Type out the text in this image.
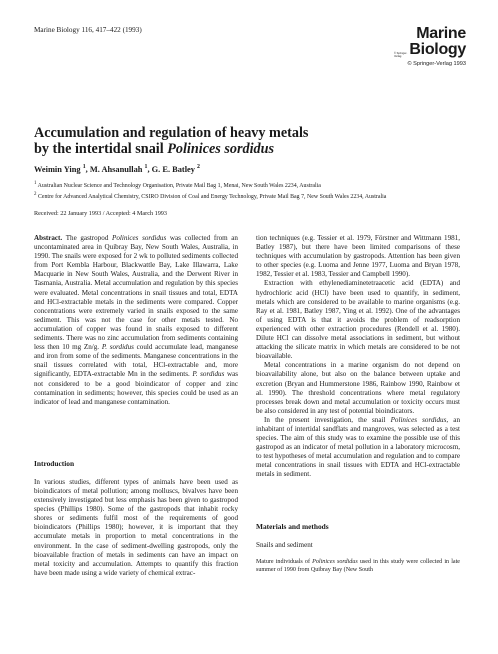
Marine Biology 116, 417–422 (1993)	Marine
© Springer-Verlag Biology
© Springer-Verlag 1993
Accumulation and regulation of heavy metals
by the intertidal snail Polinices sordidus
Weimin Ying $^1$, M. Ahsanullah $^1$, G. E. Batley $^2$
$^1$ Australian Nuclear Science and Technology Organisation, Private Mail Bag 1, Menai, New South Wales 2234, Australia
$^2$ Centre for Advanced Analytical Chemistry, CSIRO Division of Coal and Energy Technology, Private Mail Bag 7, New South Wales 2234, Australia
Received: 22 January 1993 / Accepted: 4 March 1993

Abstract. The gastropod Polinices sordidus was collected from an uncontaminated area in Quibray Bay, New South Wales, Australia, in 1990. The snails were exposed for 2 wk to polluted sediments collected from Port Kembla Harbour, Blackwattle Bay, Lake Illawarra, Lake Macquarie in New South Wales, Australia, and the Derwent River in Tasmania, Australia. Metal accumulation and regulation by this species were evaluated. Metal concentrations in snail tissues and total, EDTA and HCl-extractable metals in the sediments were compared. Copper concentrations were extremely varied in snails exposed to the same sediment. This was not the case for other metals tested. No accumulation of copper was found in snails exposed to different sediments. There was no zinc accumulation from sediments containing less then 10 mg Zn/g. P. sordidus could accumulate lead, manganese and iron from some of the sediments. Manganese concentrations in the snail tissues correlated with total, HCl-extractable and, more significantly, EDTA-extractable Mn in the sediments. P. sordidus was not considered to be a good bioindicator of copper and zinc contamination in sediments; however, this species could be used as an indicator of lead and manganese contamination.

Introduction

In various studies, different types of animals have been used as bioindicators of metal pollution; among molluscs, bivalves have been extensively investigated but less emphasis has been given to gastropod species (Phillips 1980). Some of the gastropods that inhabit rocky shores or sediments fulfil most of the requirements of good bioindicators (Phillips 1980); however, it is important that they accumulate metals in proportion to metal concentrations in the environment. In the case of sediment-dwelling gastropods, only the bioavailable fraction of metals in sediments can have an impact on metal toxicity and accumulation. Attempts to quantify this fraction have been made using a wide variety of chemical extrac-

tion techniques (e.g. Tessier et al. 1979, Förstner and Wittmann 1981, Batley 1987), but there have been limited comparisons of these techniques with accumulation by gastropods. Attention has been given to other species (e.g. Luoma and Jenne 1977, Luoma and Bryan 1978, 1982, Tessier et al. 1983, Tessier and Campbell 1990).

Extraction with ethylenediaminetetraacetic acid (EDTA) and hydrochloric acid (HCl) have been used to quantify, in sediment, metals which are considered to be available to marine organisms (e.g. Ray et al. 1981, Batley 1987, Ying et al. 1992). One of the advantages of using EDTA is that it avoids the problem of readsorption experienced with other extraction procedures (Rendell et al. 1980). Dilute HCl can dissolve metal associations in sediment, but without attacking the silicate matrix in which metals are considered to be not bioavailable.

Metal concentrations in a marine organism do not depend on bioavailability alone, but also on the balance between uptake and excretion (Bryan and Hummerstone 1986, Rainbow 1990, Rainbow et al. 1990). The threshold concentrations where metal regulatory processes break down and metal accumulation or toxicity occurs must be also considered in any test of potential bioindicators.

In the present investigation, the snail Polinices sordidus, an inhabitant of intertidal sandflats and mangroves, was selected as a test species. The aim of this study was to examine the possible use of this gastropod as an indicator of metal pollution in a laboratory microcosm, to test hypotheses of metal accumulation and regulation and to compare metal concentrations in snail tissues with EDTA and HCl-extractable metals in sediment.

Materials and methods

Snails and sediment

Mature individuals of Polinices sordidus used in this study were collected in late summer of 1990 from Quibray Bay (New South
